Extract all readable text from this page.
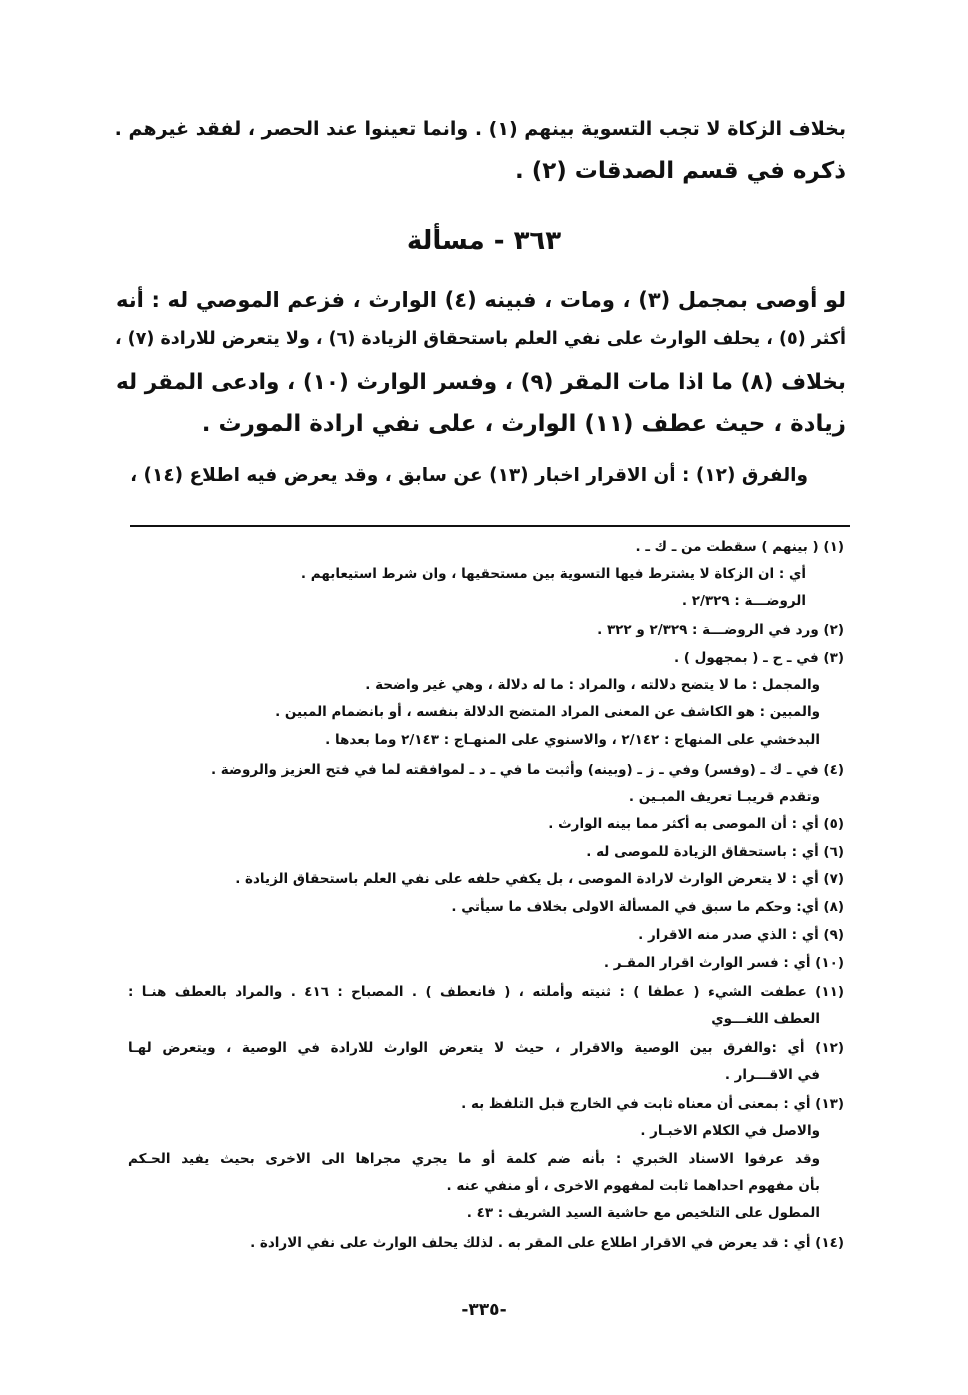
بخلاف الزكاة لا تجب التسوية بينهم (١) . وانما تعينوا عند الحصر ، لفقد غيرهم .
ذكره في قسم الصدقات (٢) .
٣٦٣ - مسألة
لو أوصى بمجمل (٣) ، ومات ، فبينه (٤) الوارث ، فزعم الموصي له : أنه
أكثر (٥) ، يحلف الوارث على نفي العلم باستحقاق الزيادة (٦) ، ولا يتعرض للارادة (٧) ،
بخلاف (٨) ما اذا مات المقر (٩) ، وفسر الوارث (١٠) ، وادعى المقر له
زيادة ، حيث عطف (١١) الوارث ، على نفي ارادة المورث .
والفرق (١٢) : أن الاقرار اخبار (١٣) عن سابق ، وقد يعرض فيه اطلاع (١٤) ،
(١) ( بينهم ) سقطت من ـ ك ـ .
أي : ان الزكاة لا يشترط فيها التسوية بين مستحقيها ، وان شرط استيعابهم .
الروضـــة : ٢/٣٢٩ .
(٢) ورد في الروضـــة : ٢/٣٢٩ و ٣٢٢ .
(٣) في ـ ح ـ ( بمجهول ) .
والمجمل : ما لا يتضح دلالته ، والمراد : ما له دلالة ، وهي غير واضحة .
والمبين : هو الكاشف عن المعنى المراد المتضح الدلالة بنفسه ، أو بانضمام المبين .
البدخشي على المنهاج : ٢/١٤٢ ، والاسنوي على المنهـاج : ٢/١٤٣ وما بعدها .
(٤) في ـ ك ـ (وفسر) وفي ـ ز ـ (وبينه) وأثبت ما في ـ د ـ لموافقته لما في فتح العزيز والروضة .
وتقدم قريبـا تعريف المبـين .
(٥) أي : أن الموصى به أكثر مما بينه الوارث .
(٦) أي : باستحقاق الزيادة للموصى له .
(٧) أي : لا يتعرض الوارث لارادة الموصى ، بل يكفي حلفه على نفي العلم باستحقاق الزيادة .
(٨) أي: وحكم ما سبق في المسألة الاولى بخلاف ما سيأتي .
(٩) أي : الذي صدر منه الاقرار .
(١٠) أي : فسر الوارث اقرار المقـر .
(١١) عطفت الشيء ( عطفا ) : ثنيته وأملته ، ( فانعطف ) . المصباح : ٤١٦ . والمراد بالعطف هنـا :
العطف اللغـــوي
(١٢) أي :والفرق بين الوصية والاقرار ، حيث لا يتعرض الوارث للارادة في الوصية ، ويتعرض لهـا
في الاقـــرار .
(١٣) أي : بمعنى أن معناه ثابت في الخارج قبل التلفظ به .
والاصل في الكلام الاخبـار .
وقد عرفوا الاسناد الخبري : بأنه ضم كلمة أو ما يجري مجراها الى الاخرى بحيث يفيد الحـكم
بأن مفهوم احداهما ثابت لمفهوم الاخرى ، أو منفي عنه .
المطول على التلخيص مع حاشية السيد الشريف : ٤٣ .
(١٤) أي : قد يعرض في الاقرار اطلاع على المقر به . لذلك يحلف الوارث على نفي الارادة .
-٣٣٥-
